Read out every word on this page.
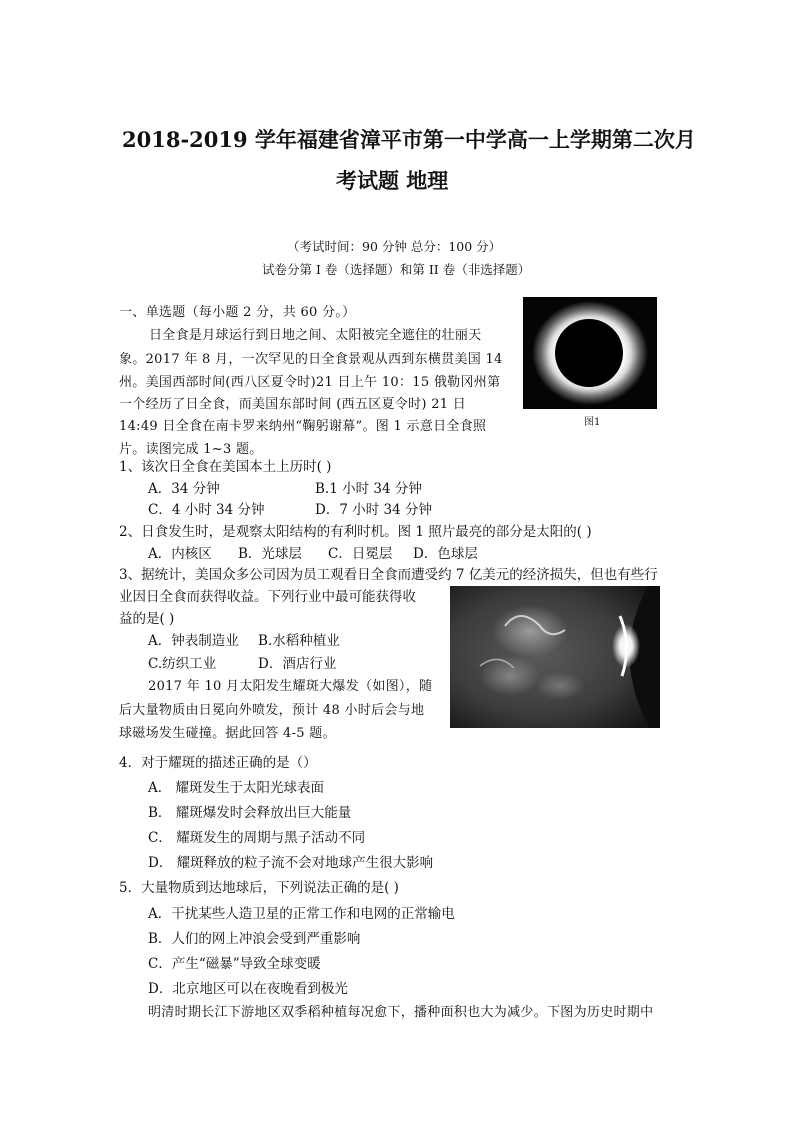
2018-2019 学年福建省漳平市第一中学高一上学期第二次月
考试题 地理
（考试时间：90 分钟 总分：100 分）
试卷分第 I 卷（选择题）和第 II 卷（非选择题）
一、单选题（每小题 2 分，共 60 分。）
日全食是月球运行到日地之间、太阳被完全遮住的壮丽天
象。2017 年 8 月，一次罕见的日全食景观从西到东横贯美国 14
州。美国西部时间(西八区夏令时)21 日上午 10：15 俄勒冈州第
一个经历了日全食，而美国东部时间 (西五区夏令时) 21 日
14:49 日全食在南卡罗来纳州“鞠躬谢幕”。图 1 示意日全食照
片。读图完成 1~3 题。
图1
1、该次日全食在美国本土上历时( )
A．34 分钟	B.1 小时 34 分钟
C．4 小时 34 分钟	D．7 小时 34 分钟
2、日食发生时，是观察太阳结构的有利时机。图 1 照片最亮的部分是太阳的( )
A．内核区 B．光球层 C．日冕层 D．色球层
3、据统计，美国众多公司因为员工观看日全食而遭受约 7 亿美元的经济损失，但也有些行
业因日全食而获得收益。下列行业中最可能获得收
益的是( )
A．钟表制造业 B.水稻种植业
C.纺织工业	D．酒店行业
2017 年 10 月太阳发生耀斑大爆发（如图），随
后大量物质由日冕向外喷发，预计 48 小时后会与地
球磁场发生碰撞。据此回答 4-5 题。
4．对于耀斑的描述正确的是（）
A． 耀斑发生于太阳光球表面
B． 耀斑爆发时会释放出巨大能量
C． 耀斑发生的周期与黑子活动不同
D． 耀斑释放的粒子流不会对地球产生很大影响
5．大量物质到达地球后，下列说法正确的是( )
A．干扰某些人造卫星的正常工作和电网的正常输电
B．人们的网上冲浪会受到严重影响
C．产生“磁暴”导致全球变暖
D．北京地区可以在夜晚看到极光
明清时期长江下游地区双季稻种植每况愈下，播种面积也大为减少。下图为历史时期中
